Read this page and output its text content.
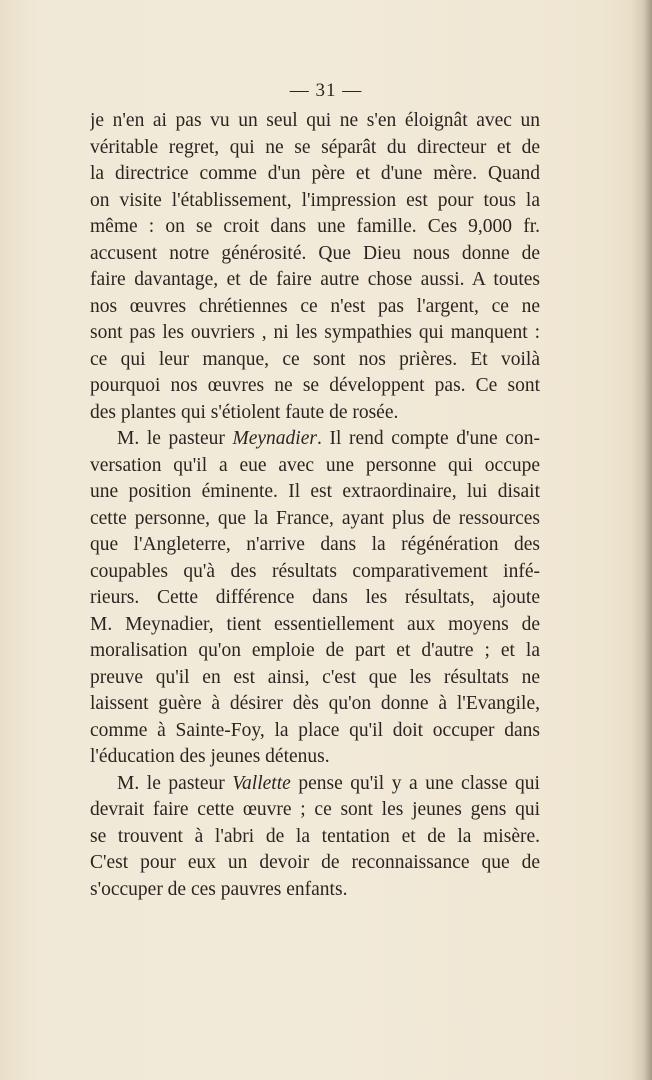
— 31 —
je n'en ai pas vu un seul qui ne s'en éloignât avec un
véritable regret, qui ne se séparât du directeur et de
la directrice comme d'un père et d'une mère. Quand
on visite l'établissement, l'impression est pour tous la
même : on se croit dans une famille. Ces 9,000 fr.
accusent notre générosité. Que Dieu nous donne de
faire davantage, et de faire autre chose aussi. A toutes
nos œuvres chrétiennes ce n'est pas l'argent, ce ne
sont pas les ouvriers , ni les sympathies qui manquent :
ce qui leur manque, ce sont nos prières. Et voilà
pourquoi nos œuvres ne se développent pas. Ce sont
des plantes qui s'étiolent faute de rosée.
M. le pasteur Meynadier. Il rend compte d'une con-
versation qu'il a eue avec une personne qui occupe
une position éminente. Il est extraordinaire, lui disait
cette personne, que la France, ayant plus de ressources
que l'Angleterre, n'arrive dans la régénération des
coupables qu'à des résultats comparativement infé-
rieurs. Cette différence dans les résultats, ajoute
M. Meynadier, tient essentiellement aux moyens de
moralisation qu'on emploie de part et d'autre ; et la
preuve qu'il en est ainsi, c'est que les résultats ne
laissent guère à désirer dès qu'on donne à l'Evangile,
comme à Sainte-Foy, la place qu'il doit occuper dans
l'éducation des jeunes détenus.
M. le pasteur Vallette pense qu'il y a une classe qui
devrait faire cette œuvre ; ce sont les jeunes gens qui
se trouvent à l'abri de la tentation et de la misère.
C'est pour eux un devoir de reconnaissance que de
s'occuper de ces pauvres enfants.
